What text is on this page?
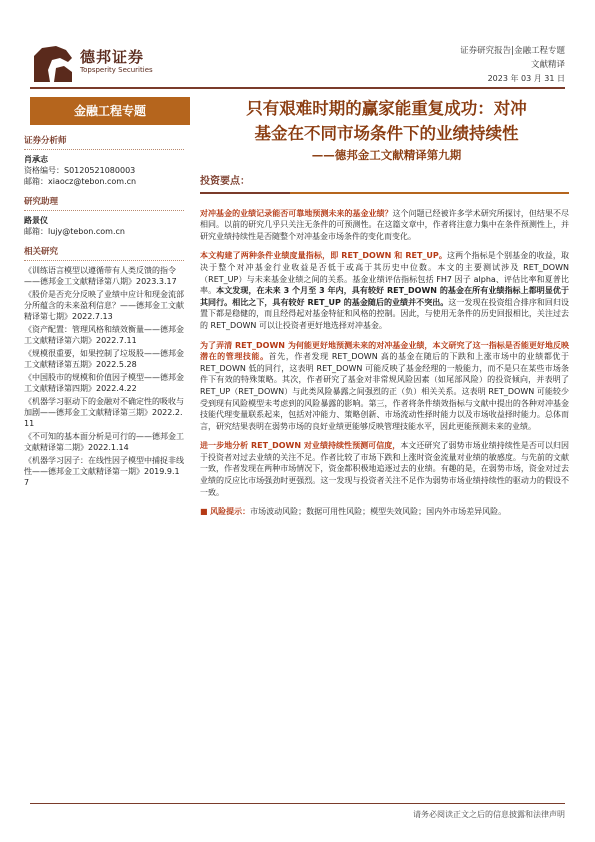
德邦证券
Topsperity Securities
证券研究报告|金融工程专题
文献精译
2023 年 03 月 31 日
金融工程专题	只有艰难时期的赢家能重复成功：对冲
基金在不同市场条件下的业绩持续性
——德邦金工文献精译第九期
证券分析师
肖承志
资格编号：S0120521080003
邮箱：xiaocz@tebon.com.cn
研究助理
路景仪
邮箱：lujy@tebon.com.cn
相关研究
《训练语言模型以遵循带有人类反馈的指令——德邦金工文献精译第八期》2023.3.17
《股价是否充分反映了业绩中应计和现金流部分所蕴含的未来盈利信息？——德邦金工文献精译第七期》2022.7.13
《资产配置：管理风格和绩效衡量——德邦金工文献精译第六期》2022.7.11
《规模很重要，如果控制了垃圾股——德邦金工文献精译第五期》2022.5.28
《中国股市的规模和价值因子模型——德邦金工文献精译第四期》2022.4.22
《机器学习驱动下的金融对不确定性的吸收与加剧——德邦金工文献精译第三期》2022.2.11
《不可知的基本面分析是可行的——德邦金工文献精译第二期》2022.1.14
《机器学习因子：在线性因子模型中捕捉非线性——德邦金工文献精译第一期》2019.9.17
投资要点：

对冲基金的业绩记录能否可靠地预测未来的基金业绩？这个问题已经被许多学术研究所探讨，但结果不尽相同。以前的研究几乎只关注无条件的可预测性。在这篇文章中，作者将注意力集中在条件预测性上，并研究业绩持续性是否随整个对冲基金市场条件的变化而变化。

本文构建了两种条件业绩度量指标，即 RET_DOWN 和 RET_UP。这两个指标是个别基金的收益，取决于整个对冲基金行业收益是否低于或高于其历史中位数。本文的主要测试涉及 RET_DOWN（RET_UP）与未来基金业绩之间的关系。基金业绩评估指标包括 FH7 因子 alpha、评估比率和夏普比率。本文发现，在未来 3 个月至 3 年内，具有较好 RET_DOWN 的基金在所有业绩指标上都明显优于其同行。相比之下，具有较好 RET_UP 的基金随后的业绩并不突出。这一发现在投资组合排序和回归设置下都是稳健的，而且经得起对基金特征和风格的控制。因此，与使用无条件的历史回报相比，关注过去的 RET_DOWN 可以让投资者更好地选择对冲基金。

为了弄清 RET_DOWN 为何能更好地预测未来的对冲基金业绩，本文研究了这一指标是否能更好地反映潜在的管理技能。首先，作者发现 RET_DOWN 高的基金在随后的下跌和上涨市场中的业绩都优于 RET_DOWN 低的同行，这表明 RET_DOWN 可能反映了基金经理的一般能力，而不是只在某些市场条件下有效的特殊策略。其次，作者研究了基金对非常规风险因素（如尾部风险）的投资倾向，并表明了 RET_UP（RET_DOWN）与此类风险暴露之间强烈的正（负）相关关系。这表明 RET_DOWN 可能较少受到现有风险模型未考虑到的风险暴露的影响。第三，作者将条件绩效指标与文献中提出的各种对冲基金技能代理变量联系起来，包括对冲能力、策略创新、市场流动性择时能力以及市场收益择时能力。总体而言，研究结果表明在弱势市场的良好业绩更能够反映管理技能水平，因此更能预测未来的业绩。

进一步地分析 RET_DOWN 对业绩持续性预测可信度，本文还研究了弱势市场业绩持续性是否可以归因于投资者对过去业绩的关注不足。作者比较了市场下跌和上涨时资金流量对业绩的敏感度。与先前的文献一致，作者发现在两种市场情况下，资金都积极地追逐过去的业绩。有趣的是，在弱势市场，资金对过去业绩的反应比市场强劲时更强烈。这一发现与投资者关注不足作为弱势市场业绩持续性的驱动力的假设不一致。

■ 风险提示：市场波动风险；数据可用性风险；模型失效风险；国内外市场差异风险。

请务必阅读正文之后的信息披露和法律声明
